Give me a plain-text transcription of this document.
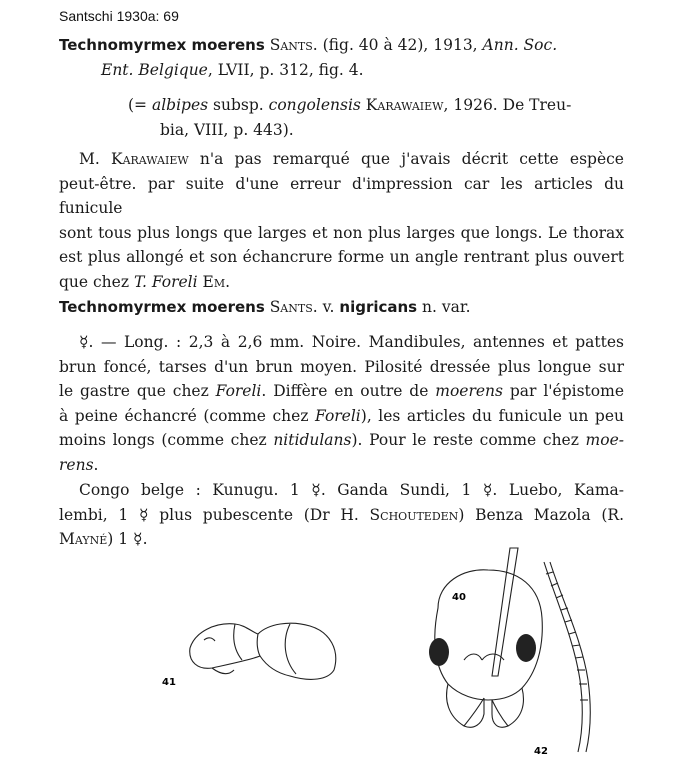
Santschi 1930a: 69
Technomyrmex moerens Sants. (fig. 40 à 42), 1913, Ann. Soc.
Ent. Belgique, LVII, p. 312, fig. 4.
(= albipes subsp. congolensis Karawaiew, 1926. De Treu-
bia, VIII, p. 443).
M. Karawaiew n'a pas remarqué que j'avais décrit cette espèce
peut-être. par suite d'une erreur d'impression car les articles du funicule
sont tous plus longs que larges et non plus larges que longs. Le thorax
est plus allongé et son échancrure forme un angle rentrant plus ouvert
que chez T. Foreli Em.
Technomyrmex moerens Sants. v. nigricans n. var.
☿. — Long. : 2,3 à 2,6 mm. Noire. Mandibules, antennes et pattes
brun foncé, tarses d'un brun moyen. Pilosité dressée plus longue sur
le gastre que chez Foreli. Diffère en outre de moerens par l'épistome
à peine échancré (comme chez Foreli), les articles du funicule un peu
moins longs (comme chez nitidulans). Pour le reste comme chez moe-
rens.
Congo belge : Kunugu. 1 ☿. Ganda Sundi, 1 ☿. Luebo, Kama-
lembi, 1 ☿ plus pubescente (Dr H. Schouteden) Benza Mazola (R.
Mayné) 1 ☿.
41
40
42
